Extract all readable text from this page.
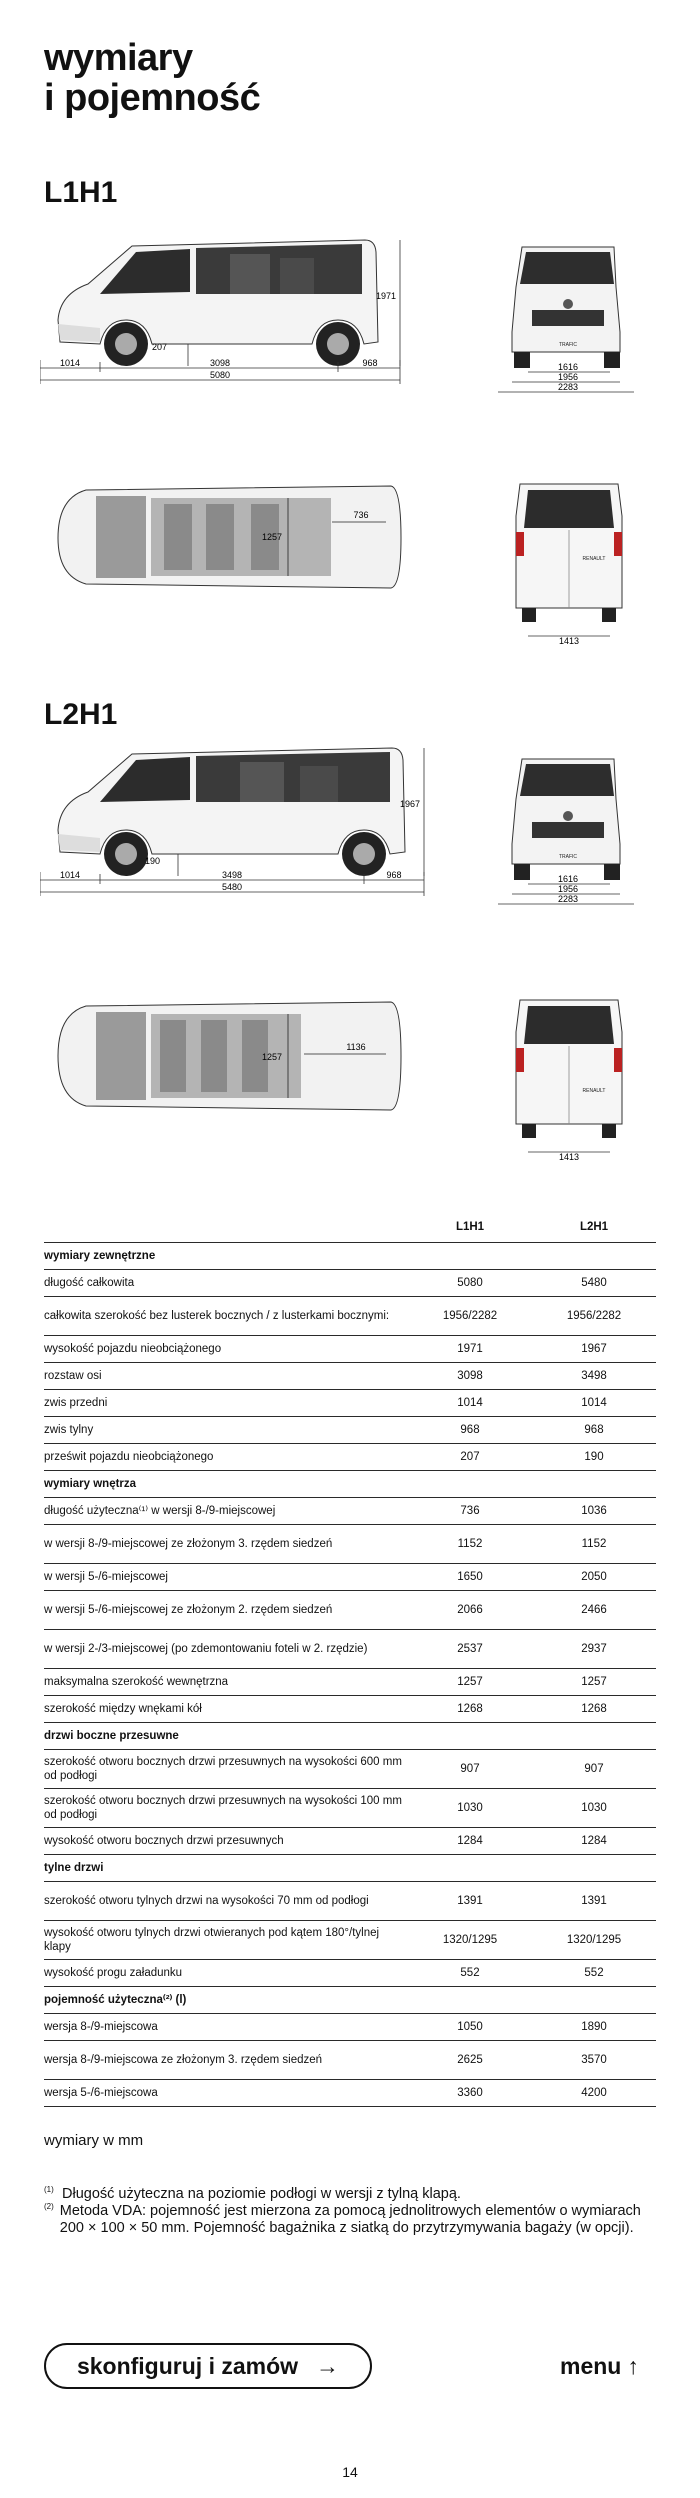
wymiary
i pojemność
L1H1
1971
207
1014	3098	968
5080
TRAFIC
1616
1956
2283
1257
736
RENAULT
1413
L2H1
1967
190
1014	3498	968
5480
TRAFIC
1616
1956
2283
1257
1136
RENAULT
1413
	L1H1	L2H1
wymiary zewnętrzne		
długość całkowita	5080	5480
całkowita szerokość bez lusterek bocznych / z lusterkami bocznymi:	1956/2282	1956/2282
wysokość pojazdu nieobciążonego	1971	1967
rozstaw osi	3098	3498
zwis przedni	1014	1014
zwis tylny	968	968
prześwit pojazdu nieobciążonego	207	190
wymiary wnętrza		
długość użyteczna⁽¹⁾ w wersji 8-/9-miejscowej	736	1036
w wersji 8-/9-miejscowej ze złożonym 3. rzędem siedzeń	1152	1152
w wersji 5-/6-miejscowej	1650	2050
w wersji 5-/6-miejscowej ze złożonym 2. rzędem siedzeń	2066	2466
w wersji 2-/3-miejscowej (po zdemontowaniu foteli w 2. rzędzie)	2537	2937
maksymalna szerokość wewnętrzna	1257	1257
szerokość między wnękami kół	1268	1268
drzwi boczne przesuwne		
szerokość otworu bocznych drzwi przesuwnych na wysokości 600 mm od podłogi	907	907
szerokość otworu bocznych drzwi przesuwnych na wysokości 100 mm od podłogi	1030	1030
wysokość otworu bocznych drzwi przesuwnych	1284	1284
tylne drzwi		
szerokość otworu tylnych drzwi na wysokości 70 mm od podłogi	1391	1391
wysokość otworu tylnych drzwi otwieranych pod kątem 180°/tylnej klapy	1320/1295	1320/1295
wysokość progu załadunku	552	552
pojemność użyteczna⁽²⁾ (l)		
wersja 8-/9-miejscowa	1050	1890
wersja 8-/9-miejscowa ze złożonym 3. rzędem siedzeń	2625	3570
wersja 5-/6-miejscowa	3360	4200
wymiary w mm
(1) Długość użyteczna na poziomie podłogi w wersji z tylną klapą.
(2) Metoda VDA: pojemność jest mierzona za pomocą jednolitrowych elementów o wymiarach 200 × 100 × 50 mm. Pojemność bagażnika z siatką do przytrzymywania bagaży (w opcji).
skonfiguruj i zamów →	menu ↑
14
